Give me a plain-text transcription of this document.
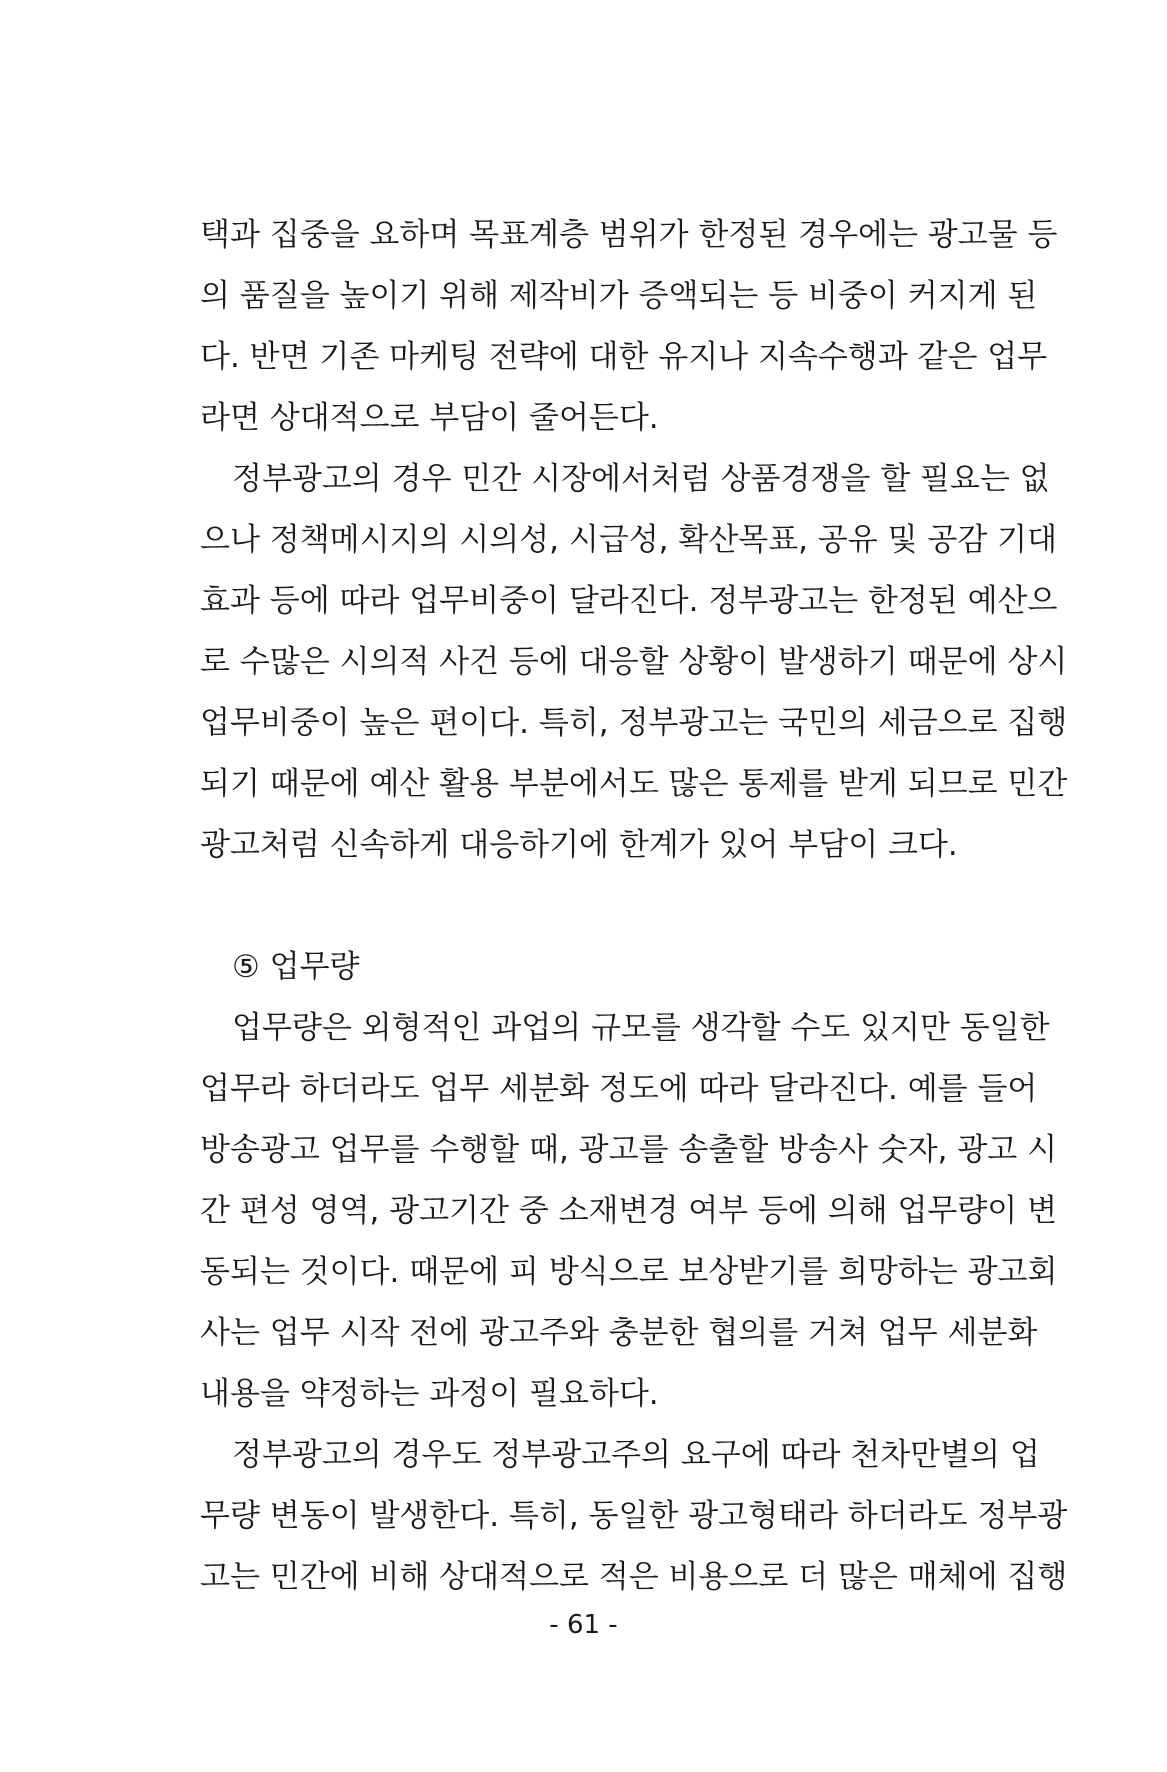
택과 집중을 요하며 목표계층 범위가 한정된 경우에는 광고물 등
의 품질을 높이기 위해 제작비가 증액되는 등 비중이 커지게 된
다. 반면 기존 마케팅 전략에 대한 유지나 지속수행과 같은 업무
라면 상대적으로 부담이 줄어든다.
정부광고의 경우 민간 시장에서처럼 상품경쟁을 할 필요는 없
으나 정책메시지의 시의성, 시급성, 확산목표, 공유 및 공감 기대
효과 등에 따라 업무비중이 달라진다. 정부광고는 한정된 예산으
로 수많은 시의적 사건 등에 대응할 상황이 발생하기 때문에 상시
업무비중이 높은 편이다. 특히, 정부광고는 국민의 세금으로 집행
되기 때문에 예산 활용 부분에서도 많은 통제를 받게 되므로 민간
광고처럼 신속하게 대응하기에 한계가 있어 부담이 크다.
⑤ 업무량
업무량은 외형적인 과업의 규모를 생각할 수도 있지만 동일한
업무라 하더라도 업무 세분화 정도에 따라 달라진다. 예를 들어
방송광고 업무를 수행할 때, 광고를 송출할 방송사 숫자, 광고 시
간 편성 영역, 광고기간 중 소재변경 여부 등에 의해 업무량이 변
동되는 것이다. 때문에 피 방식으로 보상받기를 희망하는 광고회
사는 업무 시작 전에 광고주와 충분한 협의를 거쳐 업무 세분화
내용을 약정하는 과정이 필요하다.
정부광고의 경우도 정부광고주의 요구에 따라 천차만별의 업
무량 변동이 발생한다. 특히, 동일한 광고형태라 하더라도 정부광
고는 민간에 비해 상대적으로 적은 비용으로 더 많은 매체에 집행
- 61 -
